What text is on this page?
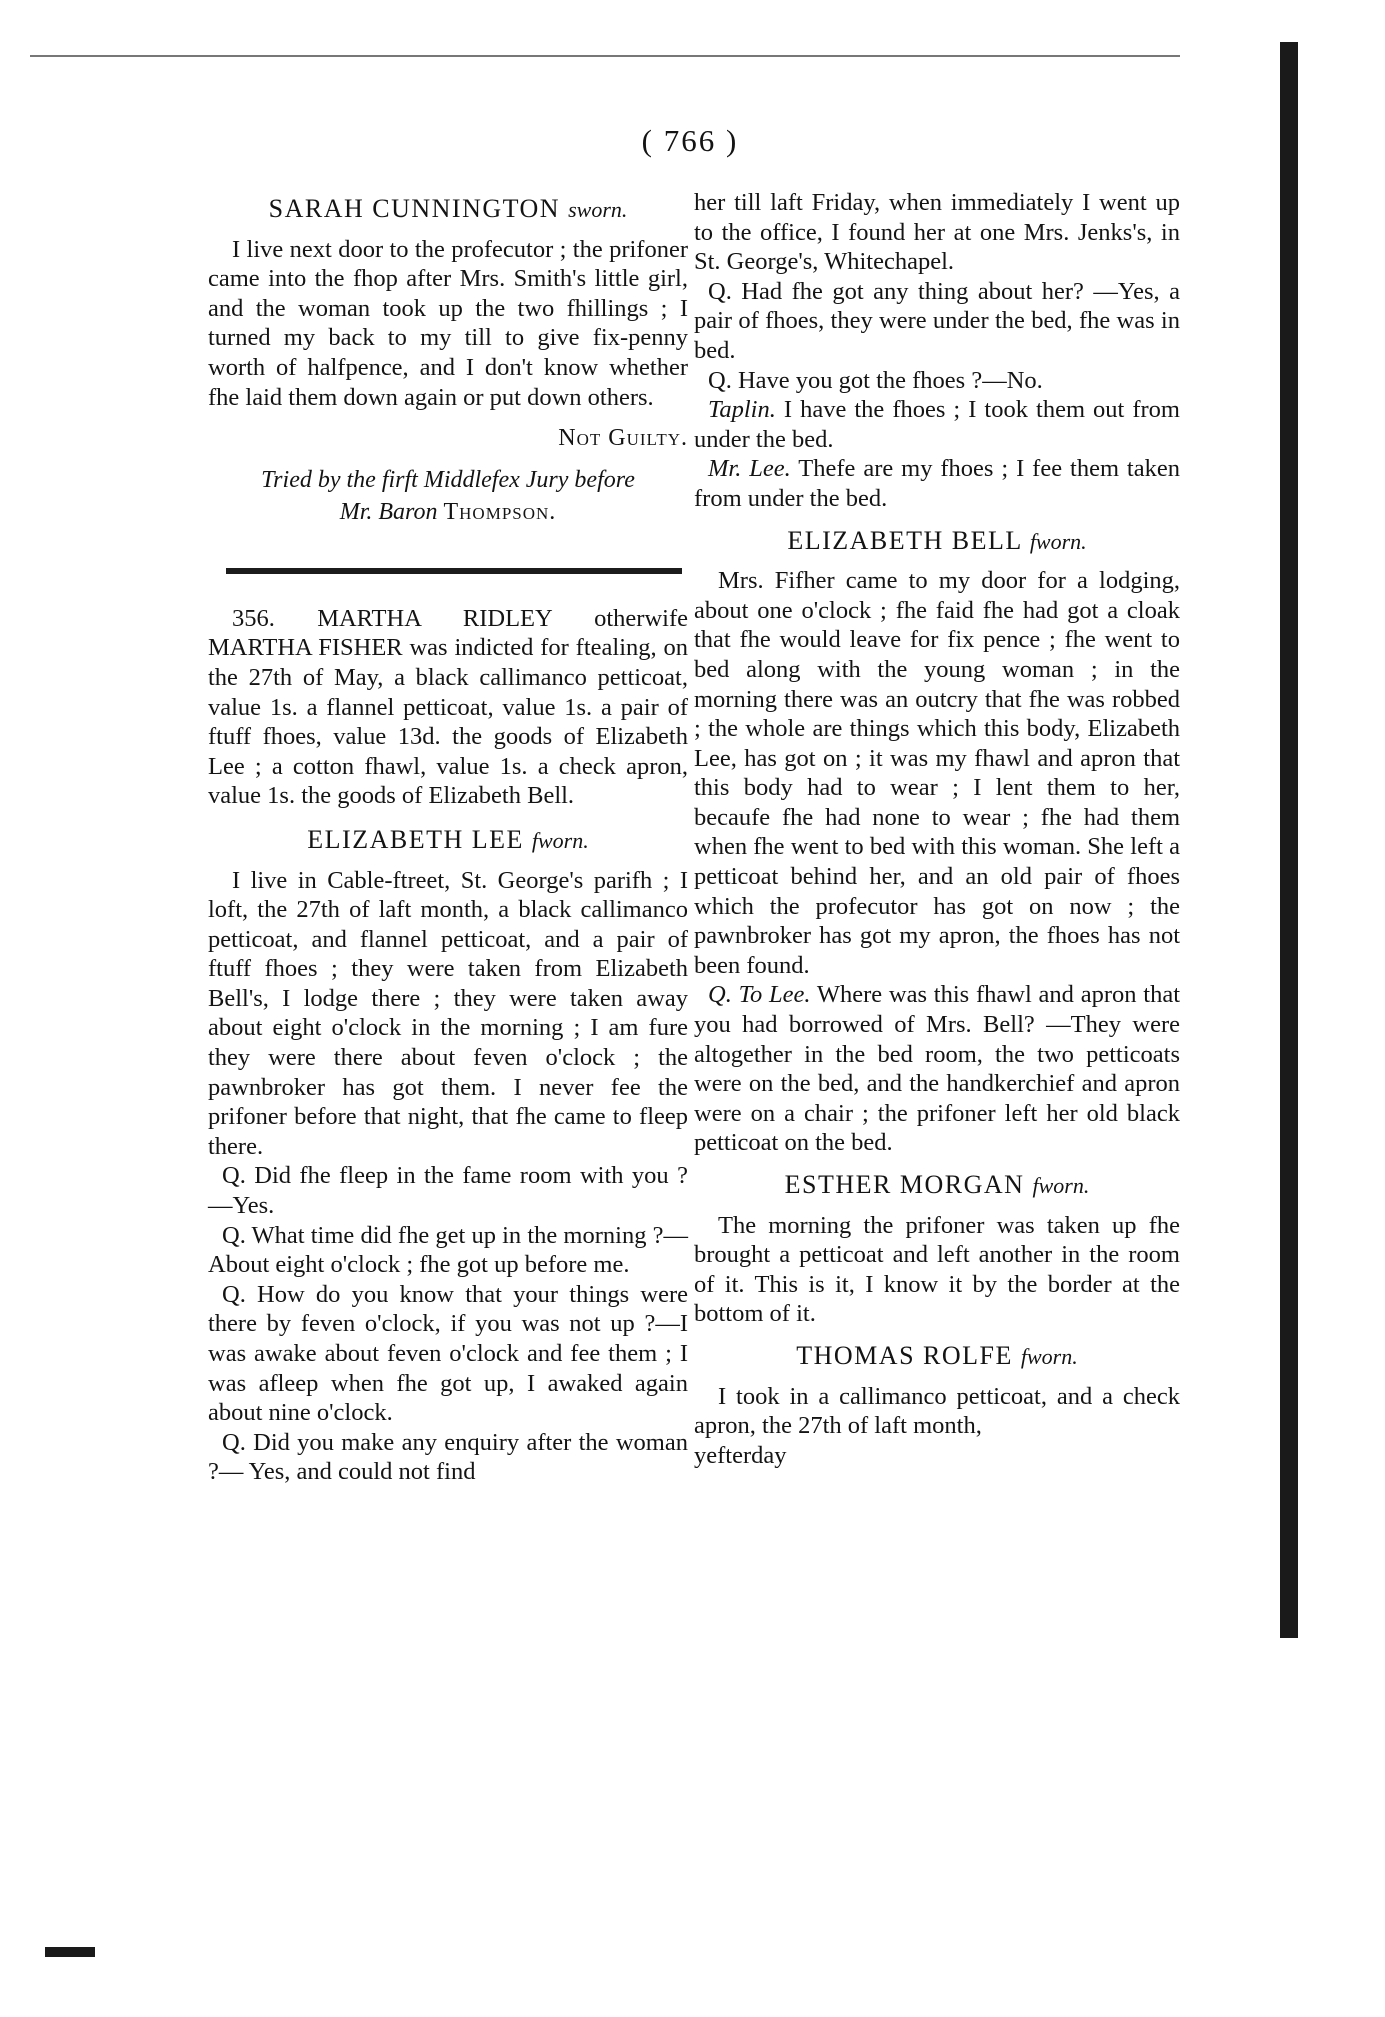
( 766 )
SARAH CUNNINGTON sworn.

I live next door to the profecutor ; the prifoner came into the fhop after Mrs. Smith's little girl, and the woman took up the two fhillings ; I turned my back to my till to give fix-penny worth of halfpence, and I don't know whether fhe laid them down again or put down others.

Not Guilty.
Tried by the firft Middlefex Jury before
Mr. Baron Thompson.

356. MARTHA RIDLEY otherwife MARTHA FISHER was indicted for ftealing, on the 27th of May, a black callimanco petticoat, value 1s. a flannel petticoat, value 1s. a pair of ftuff fhoes, value 13d. the goods of Elizabeth Lee ; a cotton fhawl, value 1s. a check apron, value 1s. the goods of Elizabeth Bell.

ELIZABETH LEE fworn.

I live in Cable-ftreet, St. George's parifh ; I loft, the 27th of laft month, a black callimanco petticoat, and flannel petticoat, and a pair of ftuff fhoes ; they were taken from Elizabeth Bell's, I lodge there ; they were taken away about eight o'clock in the morning ; I am fure they were there about feven o'clock ; the pawnbroker has got them. I never fee the prifoner before that night, that fhe came to fleep there.

Q. Did fhe fleep in the fame room with you ?—Yes.

Q. What time did fhe get up in the morning ?—About eight o'clock ; fhe got up before me.

Q. How do you know that your things were there by feven o'clock, if you was not up ?—I was awake about feven o'clock and fee them ; I was afleep when fhe got up, I awaked again about nine o'clock.

Q. Did you make any enquiry after the woman ?— Yes, and could not find

her till laft Friday, when immediately I went up to the office, I found her at one Mrs. Jenks's, in St. George's, Whitechapel.

Q. Had fhe got any thing about her? —Yes, a pair of fhoes, they were under the bed, fhe was in bed.

Q. Have you got the fhoes ?—No.

Taplin. I have the fhoes ; I took them out from under the bed.

Mr. Lee. Thefe are my fhoes ; I fee them taken from under the bed.

ELIZABETH BELL fworn.

Mrs. Fifher came to my door for a lodging, about one o'clock ; fhe faid fhe had got a cloak that fhe would leave for fix pence ; fhe went to bed along with the young woman ; in the morning there was an outcry that fhe was robbed ; the whole are things which this body, Elizabeth Lee, has got on ; it was my fhawl and apron that this body had to wear ; I lent them to her, becaufe fhe had none to wear ; fhe had them when fhe went to bed with this woman. She left a petticoat behind her, and an old pair of fhoes which the profecutor has got on now ; the pawnbroker has got my apron, the fhoes has not been found.

Q. To Lee. Where was this fhawl and apron that you had borrowed of Mrs. Bell? —They were altogether in the bed room, the two petticoats were on the bed, and the handkerchief and apron were on a chair ; the prifoner left her old black petticoat on the bed.

ESTHER MORGAN fworn.

The morning the prifoner was taken up fhe brought a petticoat and left another in the room of it. This is it, I know it by the border at the bottom of it.

THOMAS ROLFE fworn.

I took in a callimanco petticoat, and a check apron, the 27th of laft month,

yefterday
